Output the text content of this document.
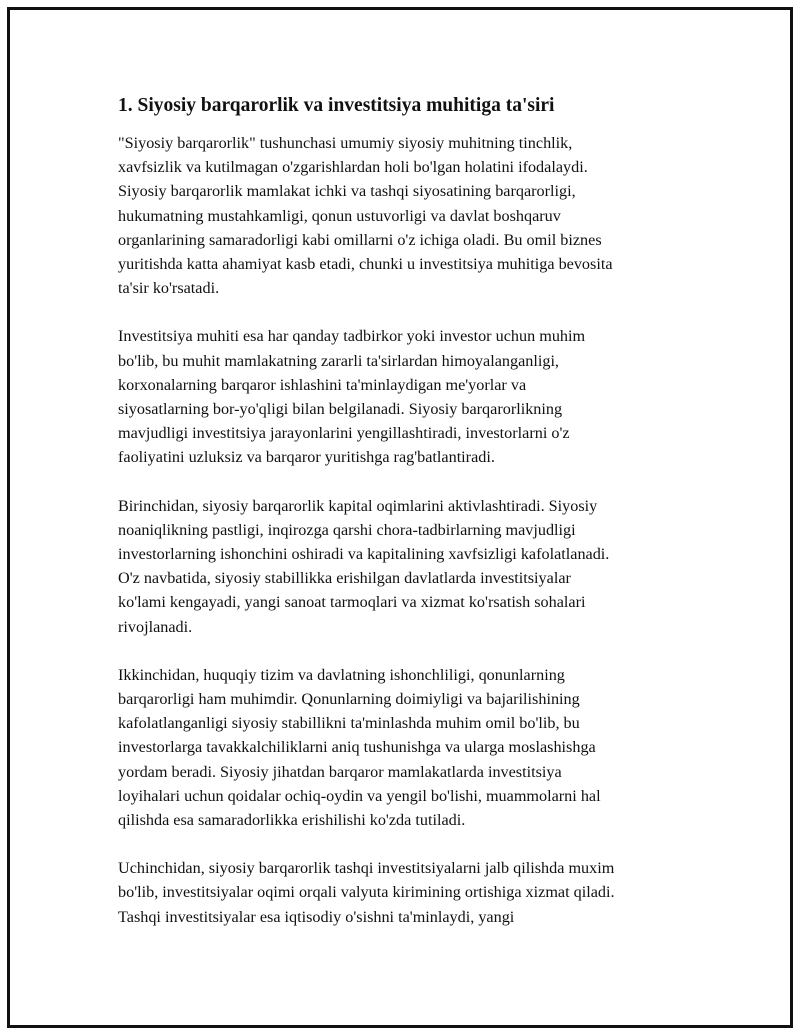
1. Siyosiy barqarorlik va investitsiya muhitiga ta'siri

"Siyosiy barqarorlik" tushunchasi umumiy siyosiy muhitning tinchlik,
xavfsizlik va kutilmagan o'zgarishlardan holi bo'lgan holatini ifodalaydi.
Siyosiy barqarorlik mamlakat ichki va tashqi siyosatining barqarorligi,
hukumatning mustahkamligi, qonun ustuvorligi va davlat boshqaruv
organlarining samaradorligi kabi omillarni o'z ichiga oladi. Bu omil biznes
yuritishda katta ahamiyat kasb etadi, chunki u investitsiya muhitiga bevosita
ta'sir ko'rsatadi.

Investitsiya muhiti esa har qanday tadbirkor yoki investor uchun muhim
bo'lib, bu muhit mamlakatning zararli ta'sirlardan himoyalanganligi,
korxonalarning barqaror ishlashini ta'minlaydigan me'yorlar va
siyosatlarning bor-yo'qligi bilan belgilanadi. Siyosiy barqarorlikning
mavjudligi investitsiya jarayonlarini yengillashtiradi, investorlarni o'z
faoliyatini uzluksiz va barqaror yuritishga rag'batlantiradi.

Birinchidan, siyosiy barqarorlik kapital oqimlarini aktivlashtiradi. Siyosiy
noaniqlikning pastligi, inqirozga qarshi chora-tadbirlarning mavjudligi
investorlarning ishonchini oshiradi va kapitalining xavfsizligi kafolatlanadi.
O'z navbatida, siyosiy stabillikka erishilgan davlatlarda investitsiyalar
ko'lami kengayadi, yangi sanoat tarmoqlari va xizmat ko'rsatish sohalari
rivojlanadi.

Ikkinchidan, huquqiy tizim va davlatning ishonchliligi, qonunlarning
barqarorligi ham muhimdir. Qonunlarning doimiyligi va bajarilishining
kafolatlanganligi siyosiy stabillikni ta'minlashda muhim omil bo'lib, bu
investorlarga tavakkalchiliklarni aniq tushunishga va ularga moslashishga
yordam beradi. Siyosiy jihatdan barqaror mamlakatlarda investitsiya
loyihalari uchun qoidalar ochiq-oydin va yengil bo'lishi, muammolarni hal
qilishda esa samaradorlikka erishilishi ko'zda tutiladi.

Uchinchidan, siyosiy barqarorlik tashqi investitsiyalarni jalb qilishda muxim
bo'lib, investitsiyalar oqimi orqali valyuta kirimining ortishiga xizmat qiladi.
Tashqi investitsiyalar esa iqtisodiy o'sishni ta'minlaydi, yangi
